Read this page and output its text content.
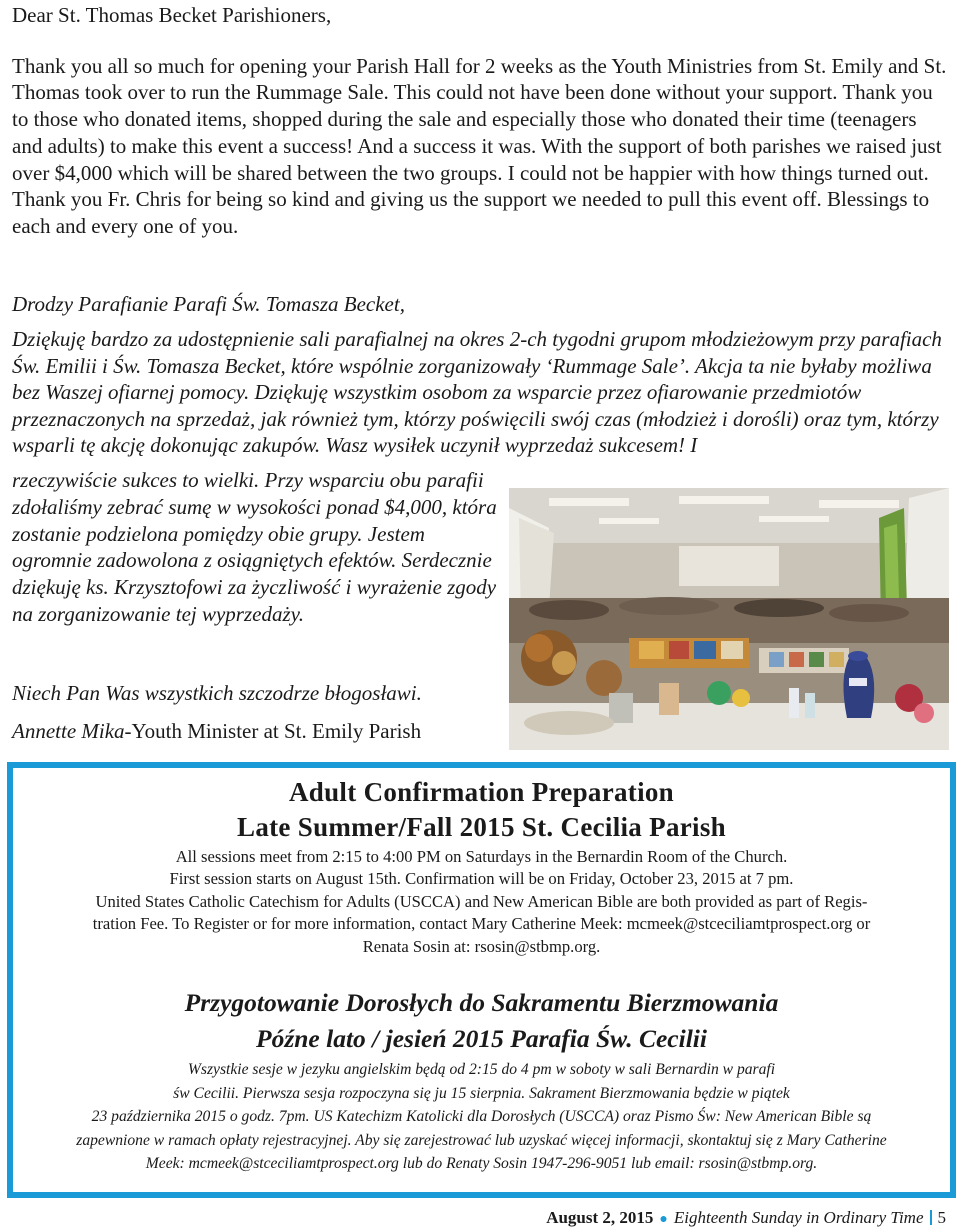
Dear St. Thomas Becket Parishioners,

Thank you all so much for opening your Parish Hall for 2 weeks as the Youth Ministries from St. Emily and St. Thomas took over to run the Rummage Sale. This could not have been done without your support. Thank you to those who donated items, shopped during the sale and especially those who donated their time (teenagers and adults) to make this event a success! And a success it was. With the support of both parishes we raised just over $4,000 which will be shared between the two groups. I could not be happier with how things turned out. Thank you Fr. Chris for being so kind and giving us the support we needed to pull this event off. Blessings to each and every one of you.

Drodzy Parafianie Parafi Św. Tomasza Becket,
Dziękuję bardzo za udostępnienie sali parafialnej na okres 2-ch tygodni grupom młodzieżowym przy parafiach Św. Emilii i Św. Tomasza Becket, które wspólnie zorganizowały ‘Rummage Sale’. Akcja ta nie byłaby możliwa bez Waszej ofiarnej pomocy. Dziękuję wszystkim osobom za wsparcie przez ofiarowanie przedmiotów przeznaczonych na sprzedaż, jak również tym, którzy poświęcili swój czas (młodzież i dorośli) oraz tym, którzy wsparli tę akcję dokonując zakupów. Wasz wysiłek uczynił wyprzedaż sukcesem! I
rzeczywiście sukces to wielki. Przy wsparciu obu parafii zdołaliśmy zebrać sumę w wysokości ponad $4,000, która zostanie podzielona pomiędzy obie grupy. Jestem ogromnie zadowolona z osiągniętych efektów. Serdecznie dziękuję ks. Krzysztofowi za życzliwość i wyrażenie zgody na zorganizowanie tej wyprzedaży.
Niech Pan Was wszystkich szczodrze błogosławi.
Annette Mika-Youth Minister at St. Emily Parish
Adult Confirmation Preparation
Late Summer/Fall 2015 St. Cecilia Parish
All sessions meet from 2:15 to 4:00 PM on Saturdays in the Bernardin Room of the Church.
First session starts on August 15th. Confirmation will be on Friday, October 23, 2015 at 7 pm.
United States Catholic Catechism for Adults (USCCA) and New American Bible are both provided as part of Regis-
tration Fee. To Register or for more information, contact Mary Catherine Meek: mcmeek@stceciliamtprospect.org or
Renata Sosin at: rsosin@stbmp.org.
Przygotowanie Dorosłych do Sakramentu Bierzmowania
Późne lato / jesień 2015 Parafia Św. Cecilii
Wszystkie sesje w jezyku angielskim będą od 2:15 do 4 pm w soboty w sali Bernardin w parafi
św Cecilii. Pierwsza sesja rozpoczyna się ju 15 sierpnia. Sakrament Bierzmowania będzie w piątek
23 października 2015 o godz. 7pm. US Katechizm Katolicki dla Dorosłych (USCCA) oraz Pismo Św: New American Bible są
zapewnione w ramach opłaty rejestracyjnej. Aby się zarejestrować lub uzyskać więcej informacji, skontaktuj się z Mary Catherine
Meek: mcmeek@stceciliamtprospect.org lub do Renaty Sosin 1947-296-9051 lub email: rsosin@stbmp.org.
August 2, 2015 ● Eighteenth Sunday in Ordinary Time 5
